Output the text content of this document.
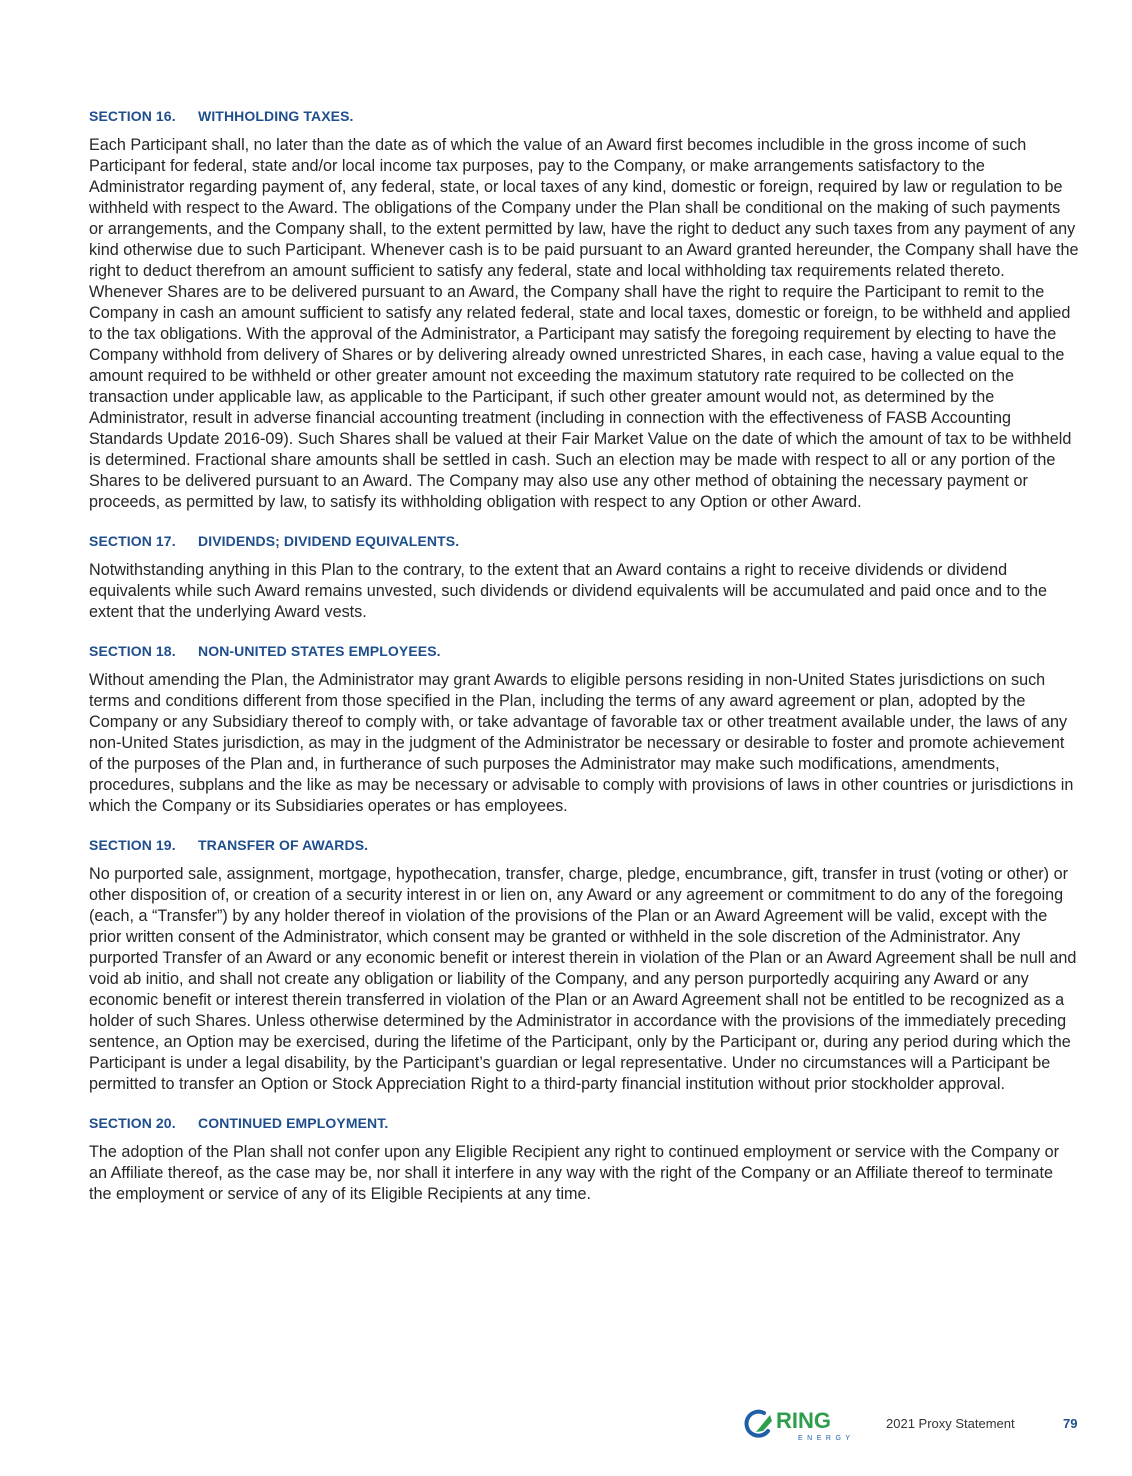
SECTION 16. WITHHOLDING TAXES.

Each Participant shall, no later than the date as of which the value of an Award first becomes includible in the gross income of such Participant for federal, state and/or local income tax purposes, pay to the Company, or make arrangements satisfactory to the Administrator regarding payment of, any federal, state, or local taxes of any kind, domestic or foreign, required by law or regulation to be withheld with respect to the Award. The obligations of the Company under the Plan shall be conditional on the making of such payments or arrangements, and the Company shall, to the extent permitted by law, have the right to deduct any such taxes from any payment of any kind otherwise due to such Participant. Whenever cash is to be paid pursuant to an Award granted hereunder, the Company shall have the right to deduct therefrom an amount sufficient to satisfy any federal, state and local withholding tax requirements related thereto. Whenever Shares are to be delivered pursuant to an Award, the Company shall have the right to require the Participant to remit to the Company in cash an amount sufficient to satisfy any related federal, state and local taxes, domestic or foreign, to be withheld and applied to the tax obligations. With the approval of the Administrator, a Participant may satisfy the foregoing requirement by electing to have the Company withhold from delivery of Shares or by delivering already owned unrestricted Shares, in each case, having a value equal to the amount required to be withheld or other greater amount not exceeding the maximum statutory rate required to be collected on the transaction under applicable law, as applicable to the Participant, if such other greater amount would not, as determined by the Administrator, result in adverse financial accounting treatment (including in connection with the effectiveness of FASB Accounting Standards Update 2016-09). Such Shares shall be valued at their Fair Market Value on the date of which the amount of tax to be withheld is determined. Fractional share amounts shall be settled in cash. Such an election may be made with respect to all or any portion of the Shares to be delivered pursuant to an Award. The Company may also use any other method of obtaining the necessary payment or proceeds, as permitted by law, to satisfy its withholding obligation with respect to any Option or other Award.

SECTION 17. DIVIDENDS; DIVIDEND EQUIVALENTS.

Notwithstanding anything in this Plan to the contrary, to the extent that an Award contains a right to receive dividends or dividend equivalents while such Award remains unvested, such dividends or dividend equivalents will be accumulated and paid once and to the extent that the underlying Award vests.

SECTION 18. NON-UNITED STATES EMPLOYEES.

Without amending the Plan, the Administrator may grant Awards to eligible persons residing in non-United States jurisdictions on such terms and conditions different from those specified in the Plan, including the terms of any award agreement or plan, adopted by the Company or any Subsidiary thereof to comply with, or take advantage of favorable tax or other treatment available under, the laws of any non-United States jurisdiction, as may in the judgment of the Administrator be necessary or desirable to foster and promote achievement of the purposes of the Plan and, in furtherance of such purposes the Administrator may make such modifications, amendments, procedures, subplans and the like as may be necessary or advisable to comply with provisions of laws in other countries or jurisdictions in which the Company or its Subsidiaries operates or has employees.

SECTION 19. TRANSFER OF AWARDS.

No purported sale, assignment, mortgage, hypothecation, transfer, charge, pledge, encumbrance, gift, transfer in trust (voting or other) or other disposition of, or creation of a security interest in or lien on, any Award or any agreement or commitment to do any of the foregoing (each, a “Transfer”) by any holder thereof in violation of the provisions of the Plan or an Award Agreement will be valid, except with the prior written consent of the Administrator, which consent may be granted or withheld in the sole discretion of the Administrator. Any purported Transfer of an Award or any economic benefit or interest therein in violation of the Plan or an Award Agreement shall be null and void ab initio, and shall not create any obligation or liability of the Company, and any person purportedly acquiring any Award or any economic benefit or interest therein transferred in violation of the Plan or an Award Agreement shall not be entitled to be recognized as a holder of such Shares. Unless otherwise determined by the Administrator in accordance with the provisions of the immediately preceding sentence, an Option may be exercised, during the lifetime of the Participant, only by the Participant or, during any period during which the Participant is under a legal disability, by the Participant’s guardian or legal representative. Under no circumstances will a Participant be permitted to transfer an Option or Stock Appreciation Right to a third-party financial institution without prior stockholder approval.

SECTION 20. CONTINUED EMPLOYMENT.

The adoption of the Plan shall not confer upon any Eligible Recipient any right to continued employment or service with the Company or an Affiliate thereof, as the case may be, nor shall it interfere in any way with the right of the Company or an Affiliate thereof to terminate the employment or service of any of its Eligible Recipients at any time.

RING
ENERGY
2021 Proxy Statement	79
